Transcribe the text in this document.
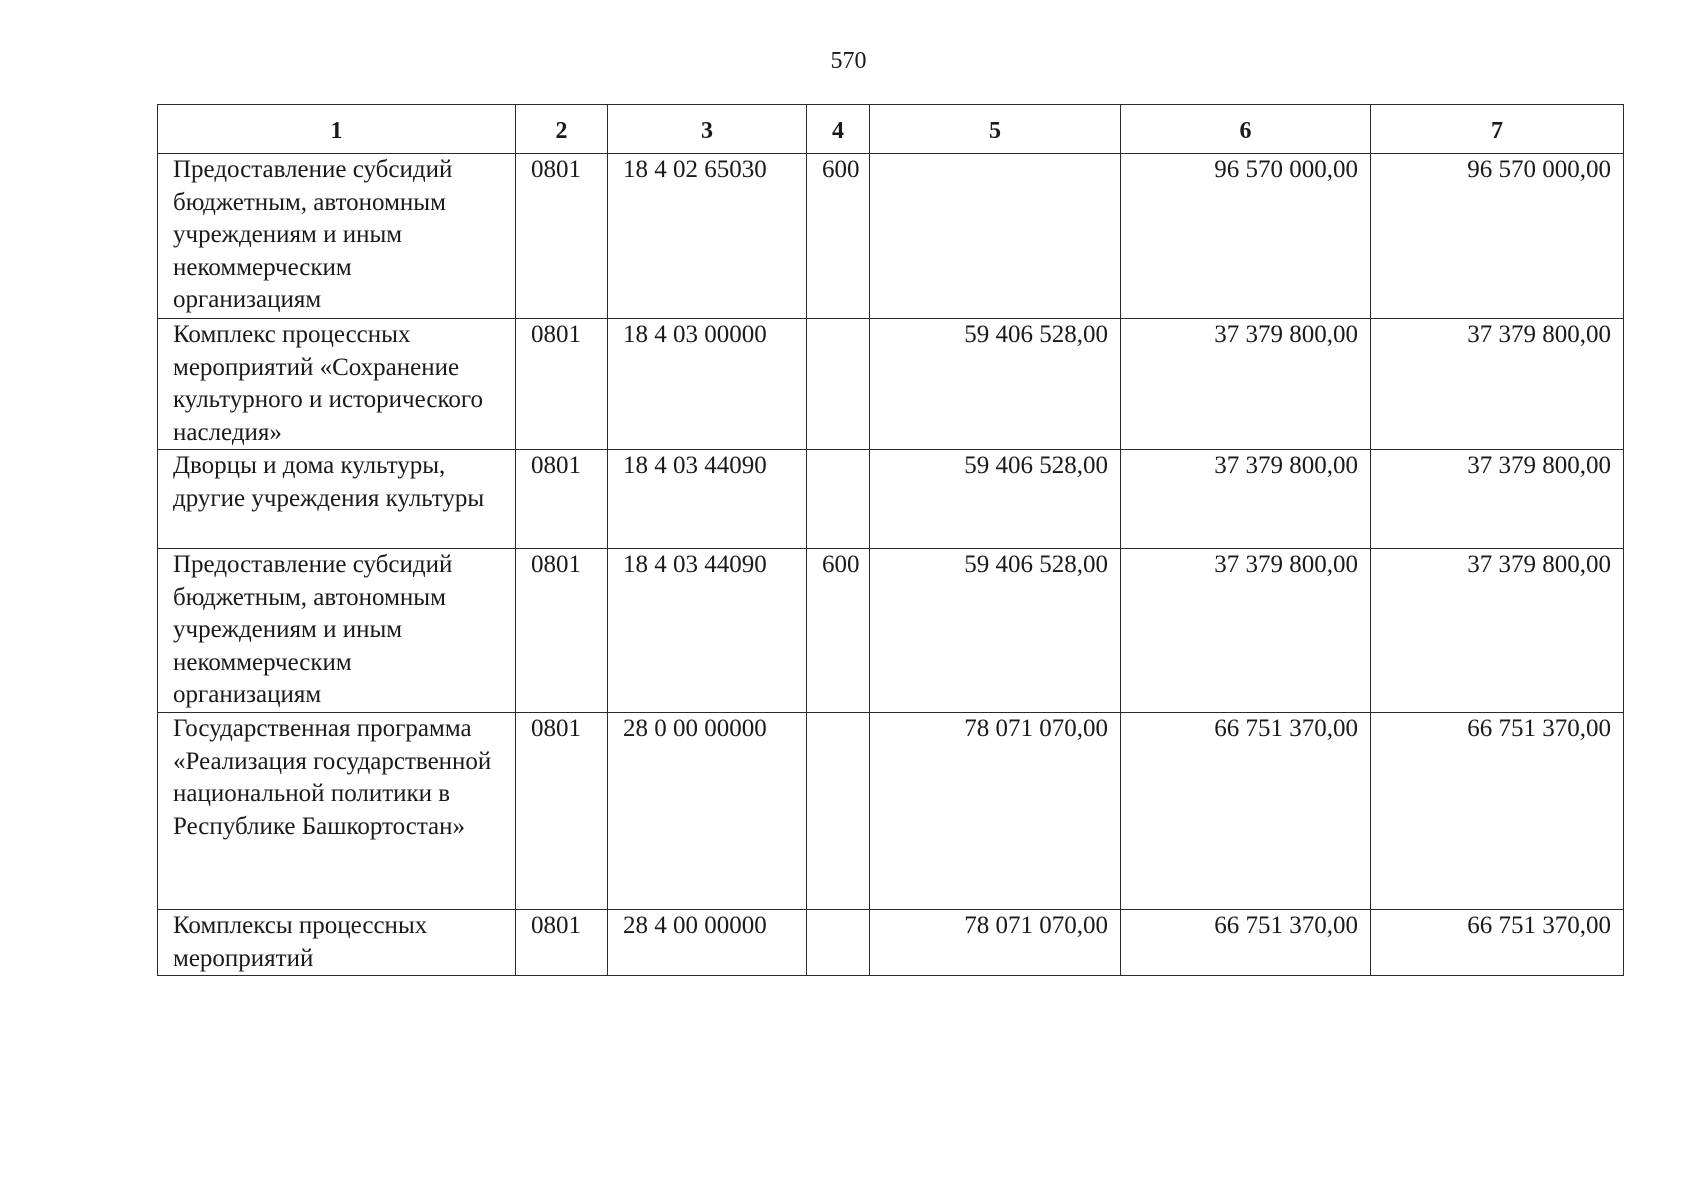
570
1	2	3	4	5	6	7
Предоставление субсидий бюджетным, автономным учреждениям и иным некоммерческим организациям	0801	18 4 02 65030	600		96 570 000,00	96 570 000,00
Комплекс процессных мероприятий «Сохранение культурного и исторического наследия»	0801	18 4 03 00000		59 406 528,00	37 379 800,00	37 379 800,00
Дворцы и дома культуры, другие учреждения культуры	0801	18 4 03 44090		59 406 528,00	37 379 800,00	37 379 800,00
Предоставление субсидий бюджетным, автономным учреждениям и иным некоммерческим организациям	0801	18 4 03 44090	600	59 406 528,00	37 379 800,00	37 379 800,00
Государственная программа «Реализация государственной национальной политики в Республике Башкортостан»	0801	28 0 00 00000		78 071 070,00	66 751 370,00	66 751 370,00
Комплексы процессных мероприятий	0801	28 4 00 00000		78 071 070,00	66 751 370,00	66 751 370,00
